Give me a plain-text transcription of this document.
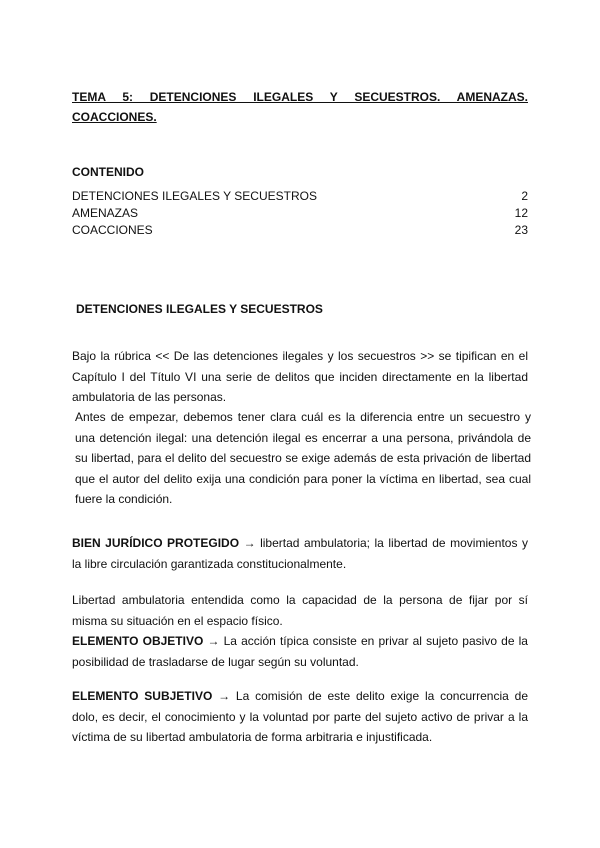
TEMA 5: DETENCIONES ILEGALES Y SECUESTROS. AMENAZAS.
COACCIONES.
CONTENIDO
DETENCIONES ILEGALES Y SECUESTROS	2
AMENAZAS	12
COACCIONES	23
DETENCIONES ILEGALES Y SECUESTROS
Bajo la rúbrica << De las detenciones ilegales y los secuestros >> se tipifican en el Capítulo I del Título VI una serie de delitos que inciden directamente en la libertad ambulatoria de las personas.
Antes de empezar, debemos tener clara cuál es la diferencia entre un secuestro y una detención ilegal: una detención ilegal es encerrar a una persona, privándola de su libertad, para el delito del secuestro se exige además de esta privación de libertad que el autor del delito exija una condición para poner la víctima en libertad, sea cual fuere la condición.
BIEN JURÍDICO PROTEGIDO → libertad ambulatoria; la libertad de movimientos y la libre circulación garantizada constitucionalmente.
Libertad ambulatoria entendida como la capacidad de la persona de fijar por sí misma su situación en el espacio físico.
ELEMENTO OBJETIVO → La acción típica consiste en privar al sujeto pasivo de la posibilidad de trasladarse de lugar según su voluntad.
ELEMENTO SUBJETIVO → La comisión de este delito exige la concurrencia de dolo, es decir, el conocimiento y la voluntad por parte del sujeto activo de privar a la víctima de su libertad ambulatoria de forma arbitraria e injustificada.
